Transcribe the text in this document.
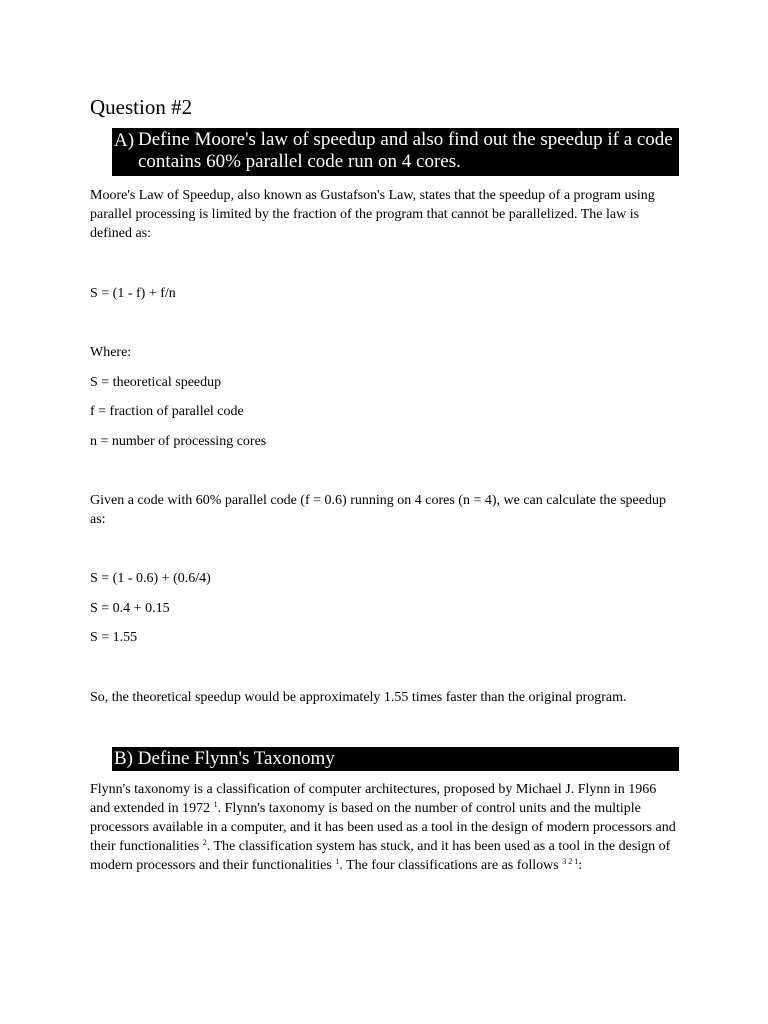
Question #2
A) Define Moore's law of speedup and also find out the speedup if a code contains 60% parallel code run on 4 cores.

Moore's Law of Speedup, also known as Gustafson's Law, states that the speedup of a program using parallel processing is limited by the fraction of the program that cannot be parallelized. The law is defined as:

S = (1 - f) + f/n
Where:
S = theoretical speedup
f = fraction of parallel code
n = number of processing cores

Given a code with 60% parallel code (f = 0.6) running on 4 cores (n = 4), we can calculate the speedup as:

S = (1 - 0.6) + (0.6/4)
S = 0.4 + 0.15
S = 1.55
So, the theoretical speedup would be approximately 1.55 times faster than the original program.
B) Define Flynn's Taxonomy

Flynn's taxonomy is a classification of computer architectures, proposed by Michael J. Flynn in 1966 and extended in 1972 $^1$. Flynn's taxonomy is based on the number of control units and the multiple processors available in a computer, and it has been used as a tool in the design of modern processors and their functionalities $^2$. The classification system has stuck, and it has been used as a tool in the design of modern processors and their functionalities $^1$. The four classifications are as follows $^{3 2 1}$:
